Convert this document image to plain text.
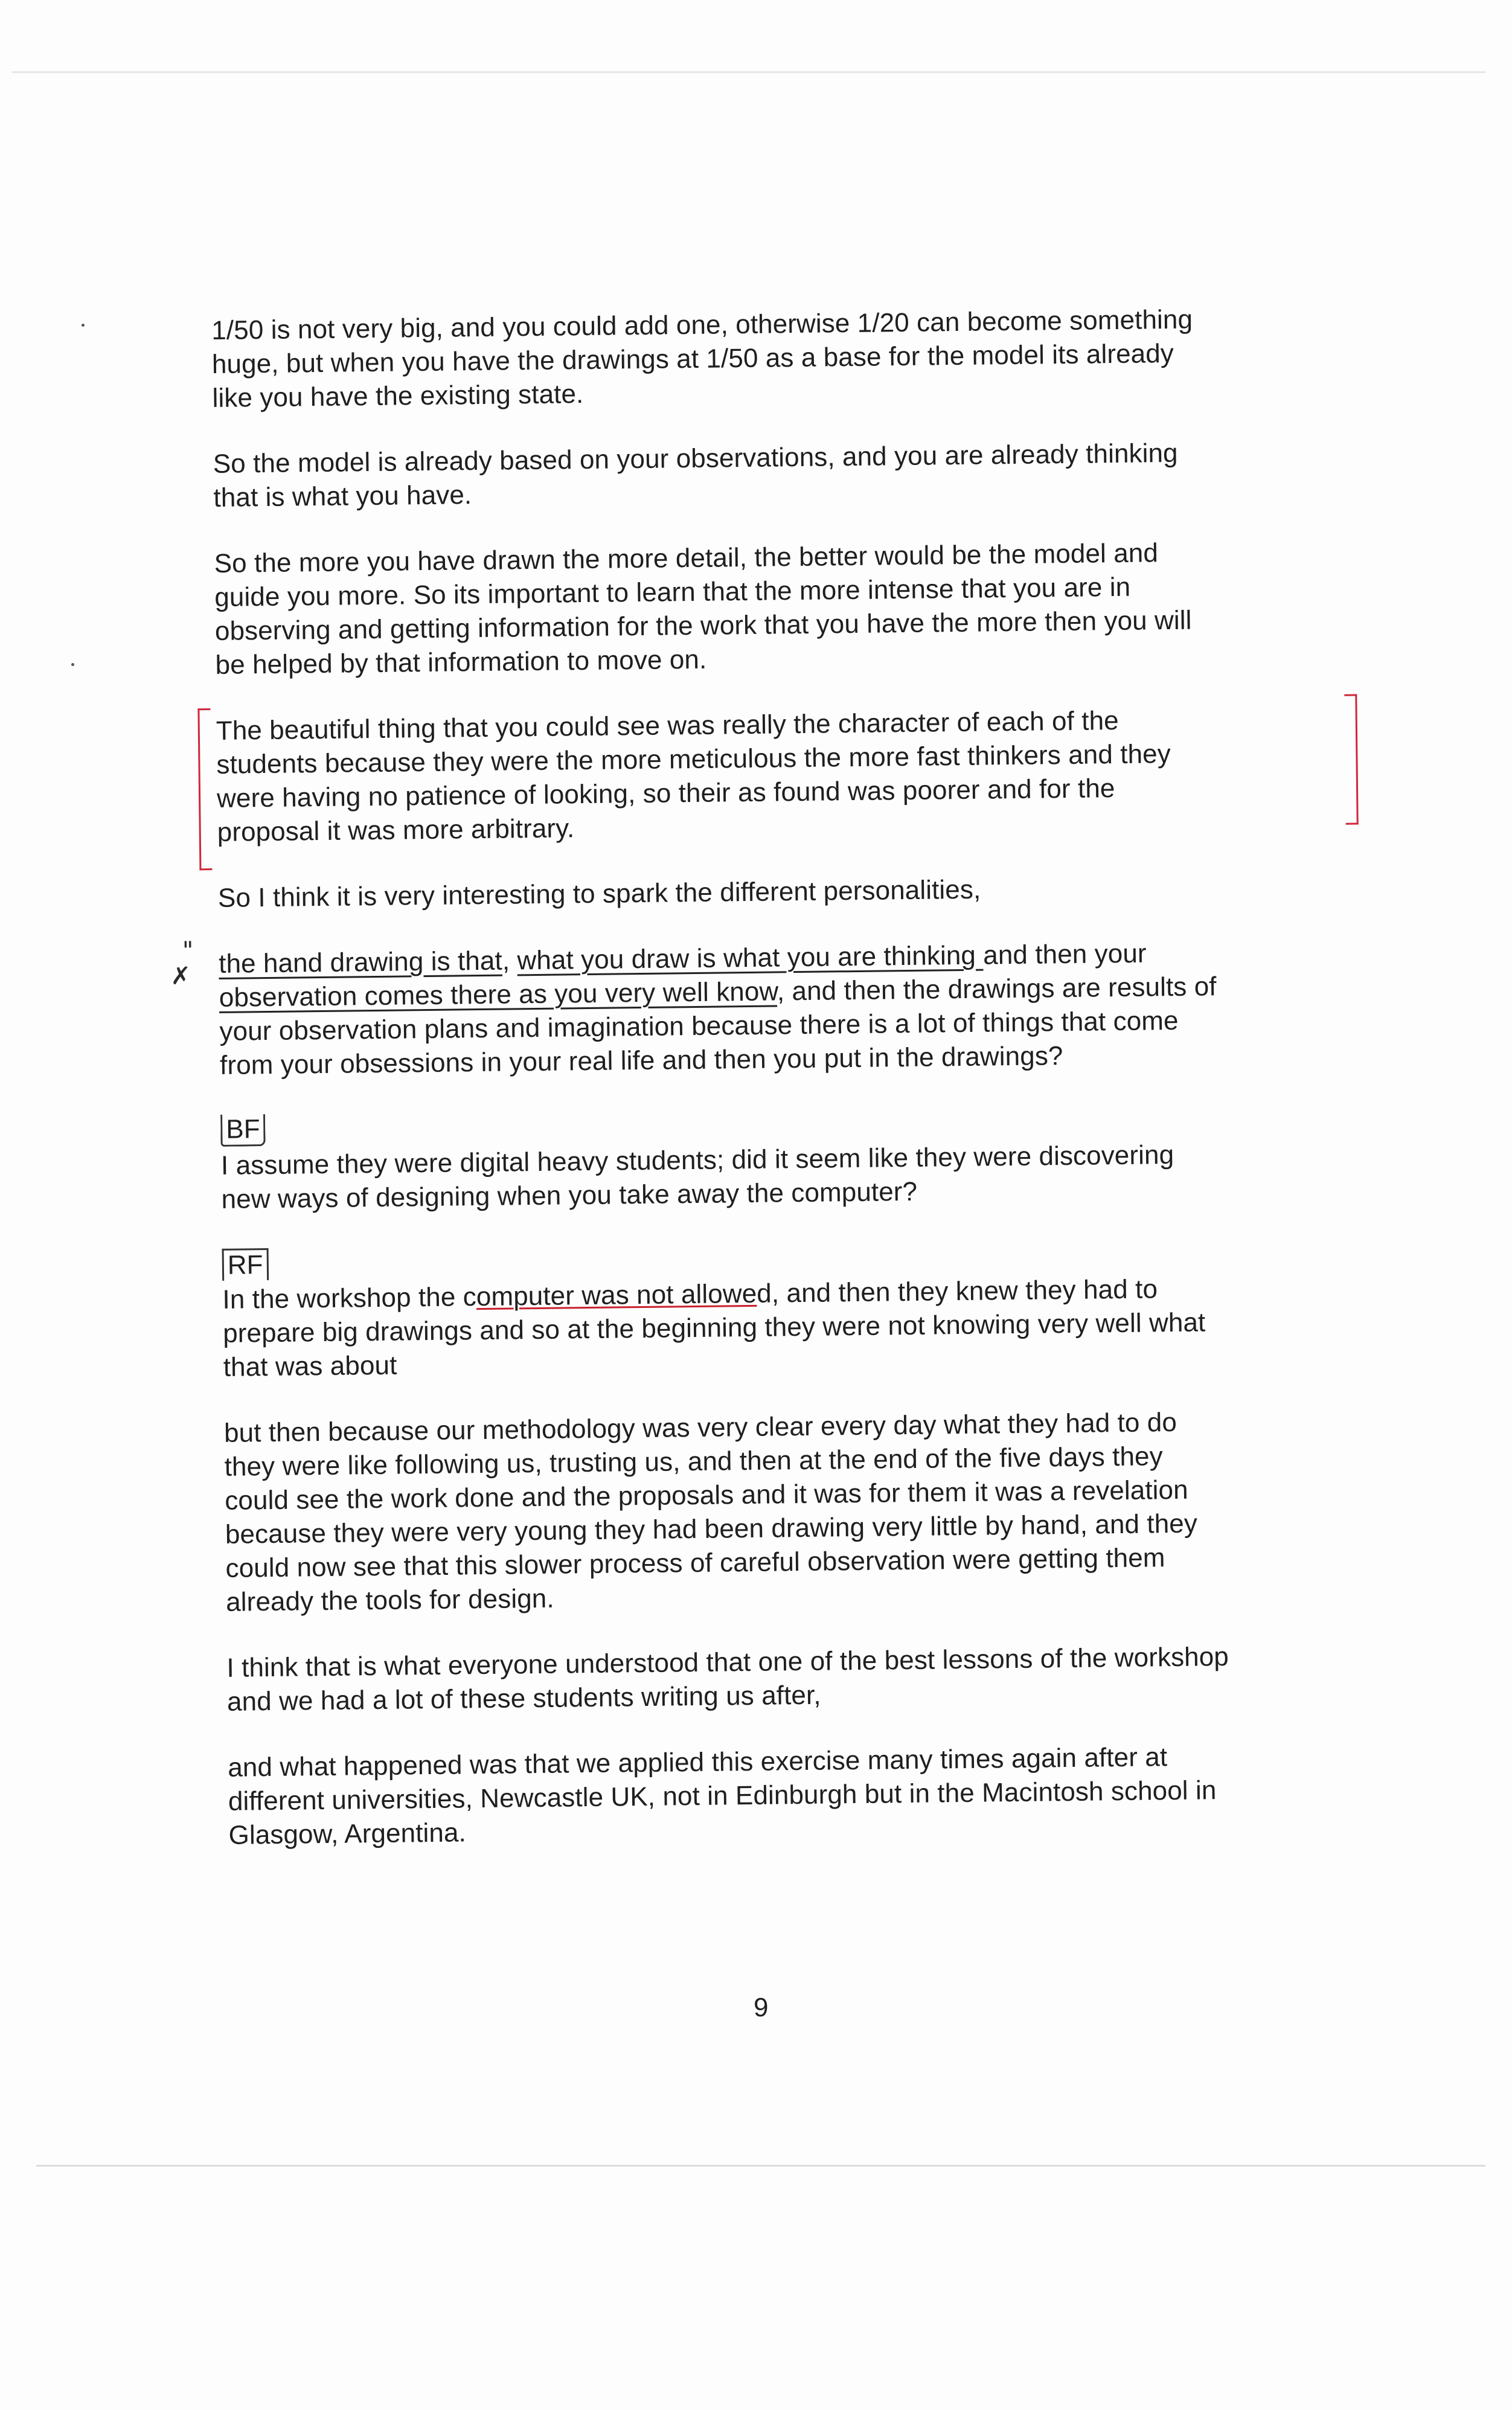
1/50 is not very big, and you could add one, otherwise 1/20 can become something
huge, but when you have the drawings at 1/50 as a base for the model its already
like you have the existing state.

So the model is already based on your observations, and you are already thinking
that is what you have.

So the more you have drawn the more detail, the better would be the model and
guide you more. So its important to learn that the more intense that you are in
observing and getting information for the work that you have the more then you will
be helped by that information to move on.

The beautiful thing that you could see was really the character of each of the
students because they were the more meticulous the more fast thinkers and they
were having no patience of looking, so their as found was poorer and for the
proposal it was more arbitrary.

So I think it is very interesting to spark the different personalities,

"
✗ the hand drawing is that, what you draw is what you are thinking and then your
observation comes there as you very well know, and then the drawings are results of
your observation plans and imagination because there is a lot of things that come
from your obsessions in your real life and then you put in the drawings?

BF

I assume they were digital heavy students; did it seem like they were discovering
new ways of designing when you take away the computer?

RF

In the workshop the computer was not allowed, and then they knew they had to
prepare big drawings and so at the beginning they were not knowing very well what
that was about

but then because our methodology was very clear every day what they had to do
they were like following us, trusting us, and then at the end of the five days they
could see the work done and the proposals and it was for them it was a revelation
because they were very young they had been drawing very little by hand, and they
could now see that this slower process of careful observation were getting them
already the tools for design.

I think that is what everyone understood that one of the best lessons of the workshop
and we had a lot of these students writing us after,

and what happened was that we applied this exercise many times again after at
different universities, Newcastle UK, not in Edinburgh but in the Macintosh school in
Glasgow, Argentina.

9
